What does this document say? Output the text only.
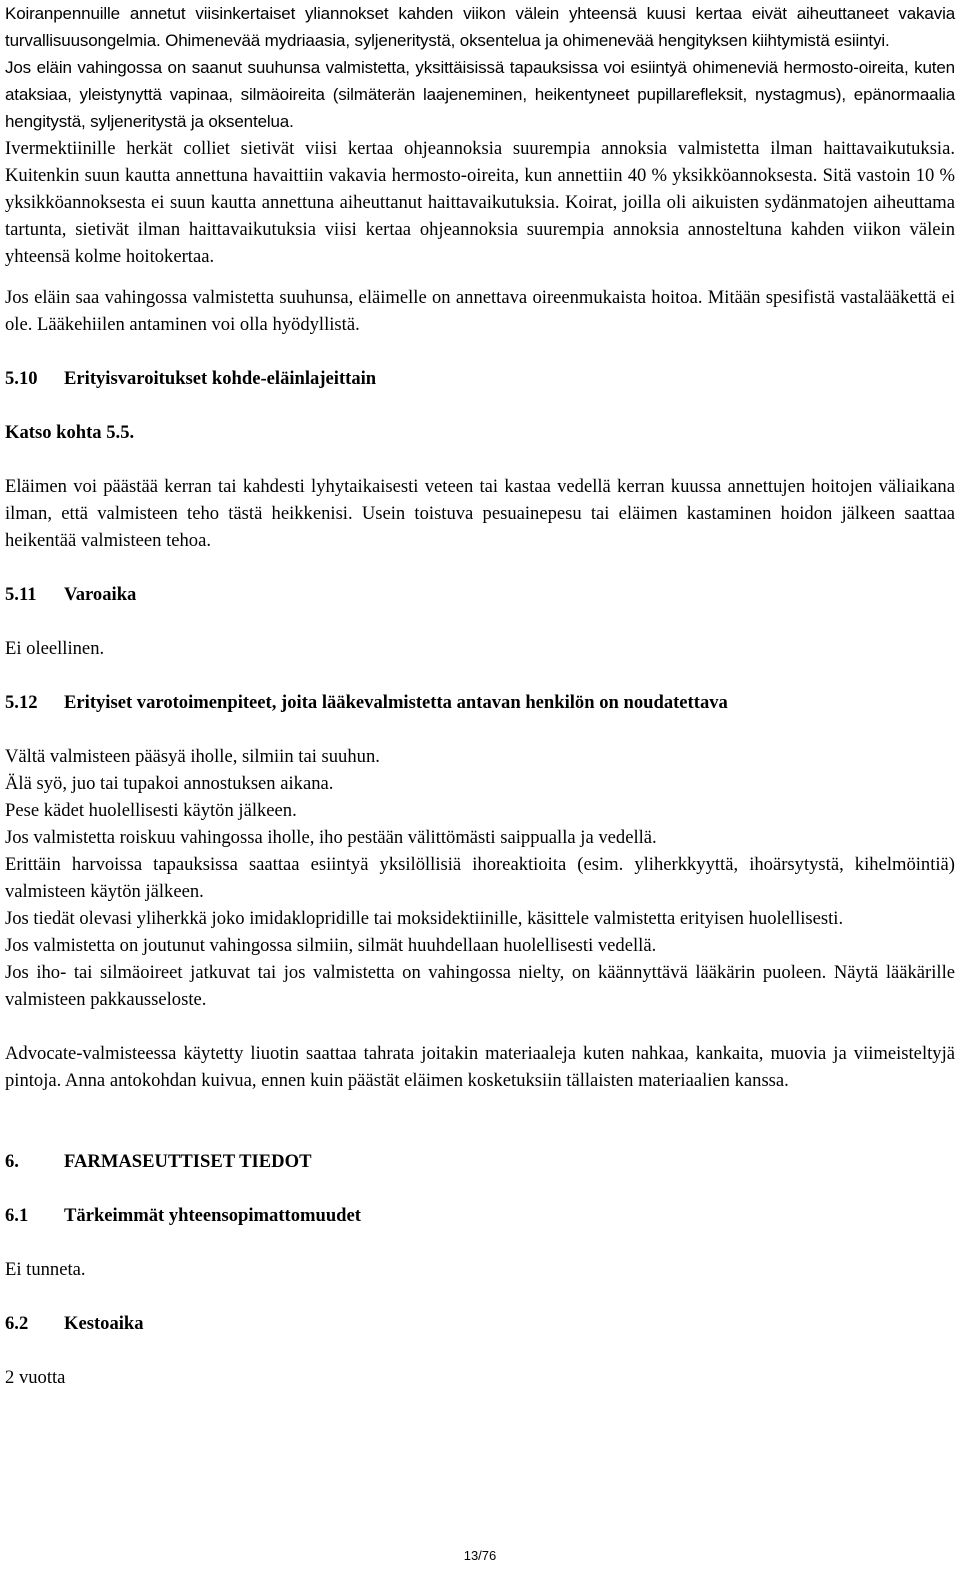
Koiranpennuille annetut viisinkertaiset yliannokset kahden viikon välein yhteensä kuusi kertaa eivät aiheuttaneet vakavia turvallisuusongelmia. Ohimenevää mydriaasia, syljeneritystä, oksentelua ja ohimenevää hengityksen kiihtymistä esiintyi.

Jos eläin vahingossa on saanut suuhunsa valmistetta, yksittäisissä tapauksissa voi esiintyä ohimeneviä hermosto-oireita, kuten ataksiaa, yleistynyttä vapinaa, silmäoireita (silmäterän laajeneminen, heikentyneet pupillarefleksit, nystagmus), epänormaalia hengitystä, syljeneritystä ja oksentelua.

Ivermektiinille herkät colliet sietivät viisi kertaa ohjeannoksia suurempia annoksia valmistetta ilman haittavaikutuksia. Kuitenkin suun kautta annettuna havaittiin vakavia hermosto-oireita, kun annettiin 40 % yksikköannoksesta. Sitä vastoin 10 % yksikköannoksesta ei suun kautta annettuna aiheuttanut haittavaikutuksia. Koirat, joilla oli aikuisten sydänmatojen aiheuttama tartunta, sietivät ilman haittavaikutuksia viisi kertaa ohjeannoksia suurempia annoksia annosteltuna kahden viikon välein yhteensä kolme hoitokertaa.

Jos eläin saa vahingossa valmistetta suuhunsa, eläimelle on annettava oireenmukaista hoitoa. Mitään spesifistä vastalääkettä ei ole. Lääkehiilen antaminen voi olla hyödyllistä.

5.10	Erityisvaroitukset kohde-eläinlajeittain
Katso kohta 5.5.

Eläimen voi päästää kerran tai kahdesti lyhytaikaisesti veteen tai kastaa vedellä kerran kuussa annettujen hoitojen väliaikana ilman, että valmisteen teho tästä heikkenisi. Usein toistuva pesuainepesu tai eläimen kastaminen hoidon jälkeen saattaa heikentää valmisteen tehoa.

5.11	Varoaika

Ei oleellinen.

5.12	Erityiset varotoimenpiteet, joita lääkevalmistetta antavan henkilön on noudatettava

Vältä valmisteen pääsyä iholle, silmiin tai suuhun.

Älä syö, juo tai tupakoi annostuksen aikana.

Pese kädet huolellisesti käytön jälkeen.

Jos valmistetta roiskuu vahingossa iholle, iho pestään välittömästi saippualla ja vedellä.

Erittäin harvoissa tapauksissa saattaa esiintyä yksilöllisiä ihoreaktioita (esim. yliherkkyyttä, ihoärsytystä, kihelmöintiä) valmisteen käytön jälkeen.

Jos tiedät olevasi yliherkkä joko imidaklopridille tai moksidektiinille, käsittele valmistetta erityisen huolellisesti.

Jos valmistetta on joutunut vahingossa silmiin, silmät huuhdellaan huolellisesti vedellä.

Jos iho- tai silmäoireet jatkuvat tai jos valmistetta on vahingossa nielty, on käännyttävä lääkärin puoleen. Näytä lääkärille valmisteen pakkausseloste.

Advocate-valmisteessa käytetty liuotin saattaa tahrata joitakin materiaaleja kuten nahkaa, kankaita, muovia ja viimeisteltyjä pintoja. Anna antokohdan kuivua, ennen kuin päästät eläimen kosketuksiin tällaisten materiaalien kanssa.

6.	FARMASEUTTISET TIEDOT
6.1	Tärkeimmät yhteensopimattomuudet

Ei tunneta.

6.2	Kestoaika

2 vuotta

13/76
